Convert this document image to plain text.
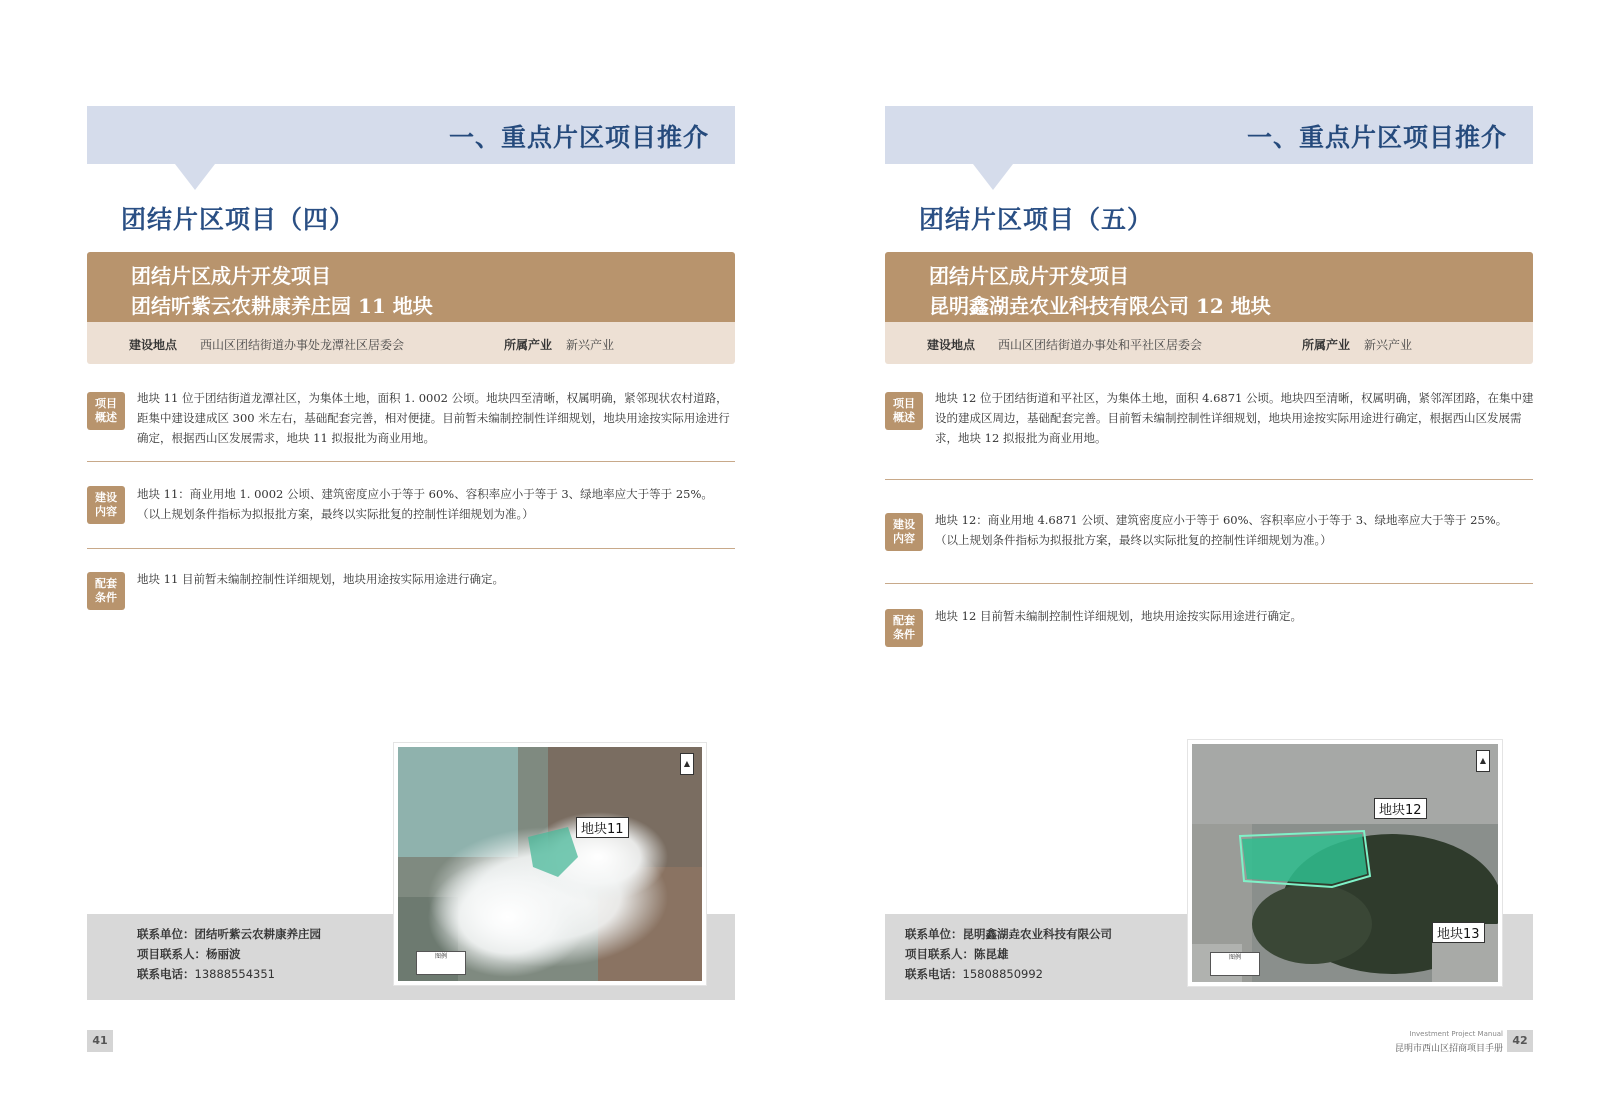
一、重点片区项目推介
团结片区项目（四）
团结片区成片开发项目
团结听紫云农耕康养庄园 11 地块
建设地点 西山区团结街道办事处龙潭社区居委会	所属产业 新兴产业
项目
概述
地块 11 位于团结街道龙潭社区，为集体土地，面积 1. 0002 公顷。地块四至清晰，权属明确，紧邻现状农村道路，距集中建设建成区 300 米左右，基础配套完善，相对便捷。目前暂未编制控制性详细规划，地块用途按实际用途进行确定，根据西山区发展需求，地块 11 拟报批为商业用地。
建设
内容
地块 11：商业用地 1. 0002 公顷、建筑密度应小于等于 60%、容积率应小于等于 3、绿地率应大于等于 25%。
（以上规划条件指标为拟报批方案，最终以实际批复的控制性详细规划为准。）
配套
条件
地块 11 目前暂未编制控制性详细规划，地块用途按实际用途进行确定。
联系单位：团结听紫云农耕康养庄园
项目联系人：杨丽波
联系电话：13888554351
地块11
▲
图例
41
一、重点片区项目推介
团结片区项目（五）
团结片区成片开发项目
昆明鑫湖垚农业科技有限公司 12 地块
建设地点 西山区团结街道办事处和平社区居委会	所属产业 新兴产业
项目
概述
地块 12 位于团结街道和平社区，为集体土地，面积 4.6871 公顷。地块四至清晰，权属明确，紧邻浑团路，在集中建设的建成区周边，基础配套完善。目前暂未编制控制性详细规划，地块用途按实际用途进行确定，根据西山区发展需求，地块 12 拟报批为商业用地。
建设
内容
地块 12：商业用地 4.6871 公顷、建筑密度应小于等于 60%、容积率应小于等于 3、绿地率应大于等于 25%。
（以上规划条件指标为拟报批方案，最终以实际批复的控制性详细规划为准。）
配套
条件
地块 12 目前暂未编制控制性详细规划，地块用途按实际用途进行确定。
联系单位：昆明鑫湖垚农业科技有限公司
项目联系人：陈昆雄
联系电话：15808850992
地块12
地块13
▲
图例
Investment Project Manual
昆明市西山区招商项目手册
42
